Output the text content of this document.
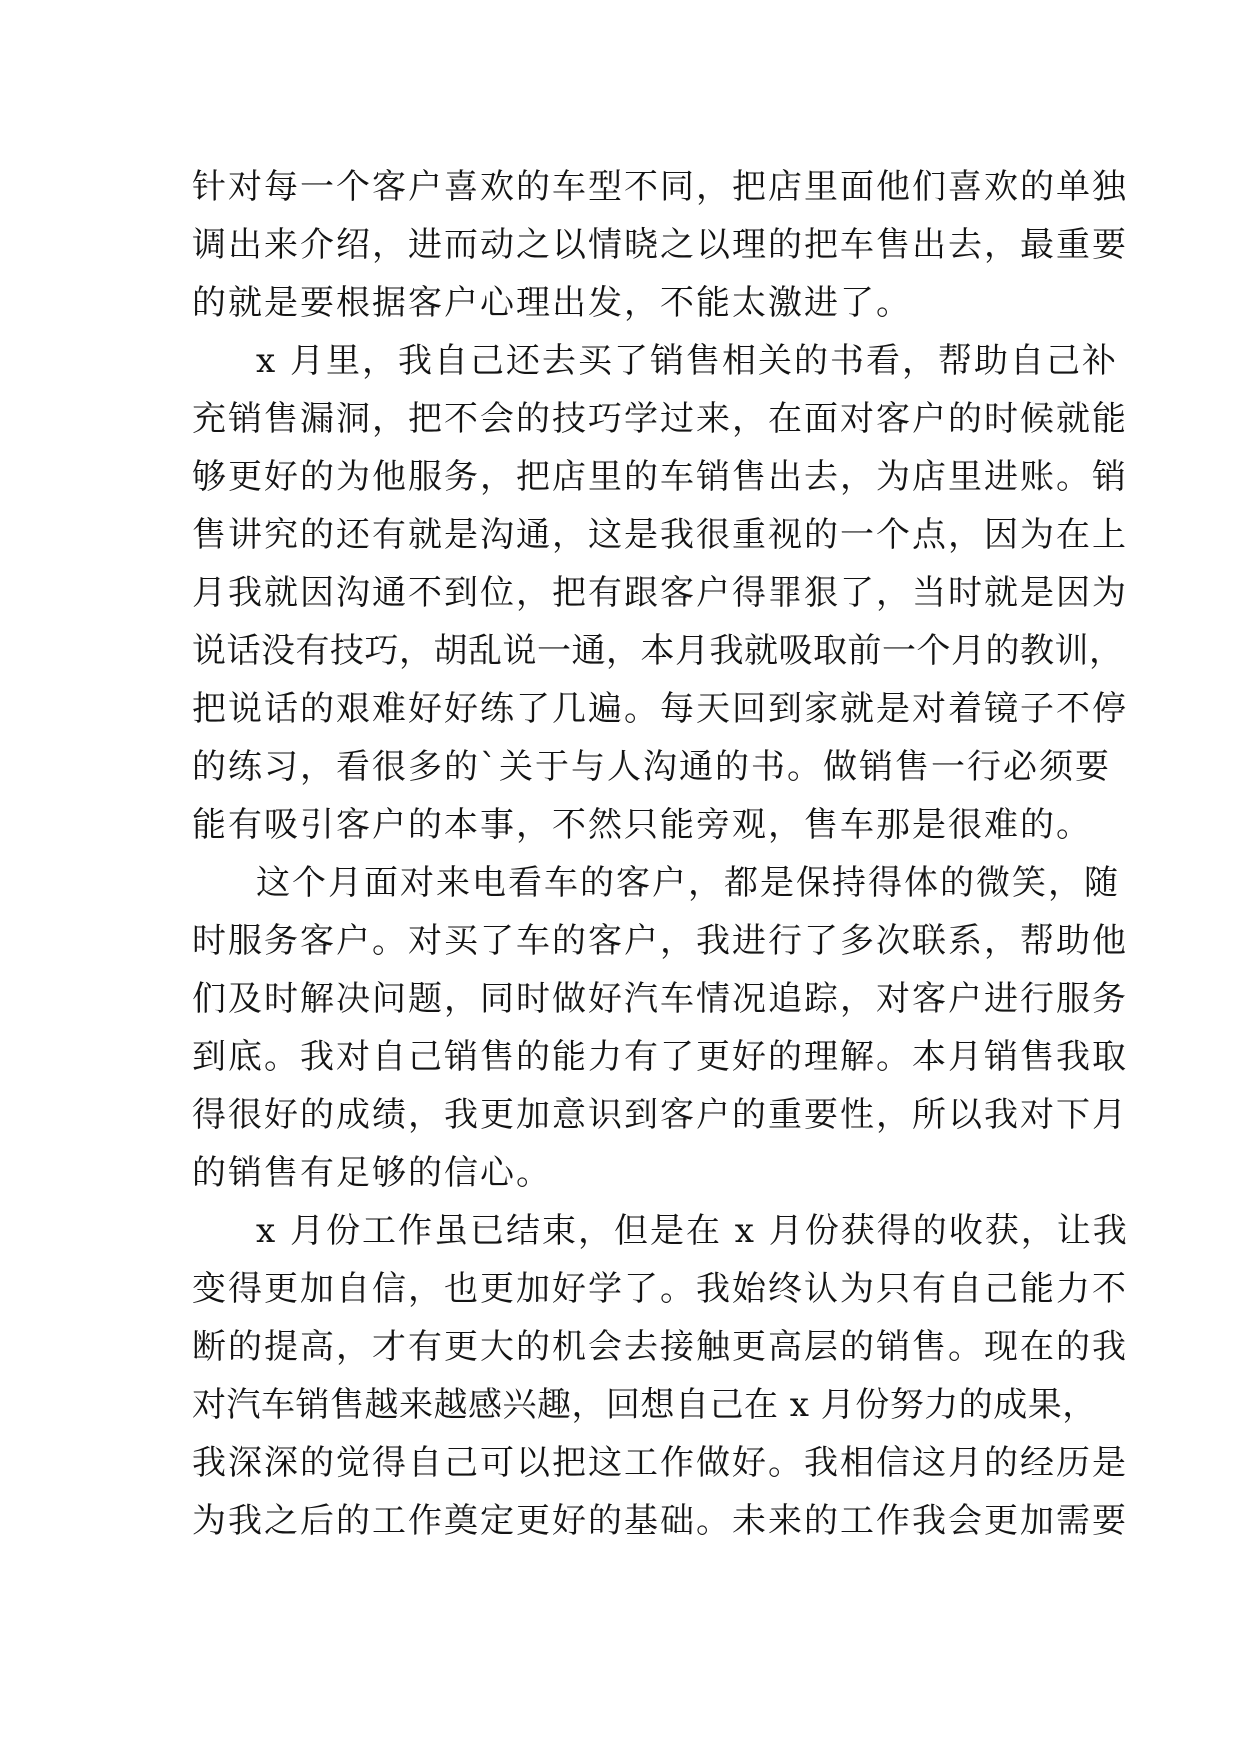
针对每一个客户喜欢的车型不同，把店里面他们喜欢的单独
调出来介绍，进而动之以情晓之以理的把车售出去，最重要
的就是要根据客户心理出发，不能太激进了。
x 月里，我自己还去买了销售相关的书看，帮助自己补
充销售漏洞，把不会的技巧学过来，在面对客户的时候就能
够更好的为他服务，把店里的车销售出去，为店里进账。销
售讲究的还有就是沟通，这是我很重视的一个点，因为在上
月我就因沟通不到位，把有跟客户得罪狠了，当时就是因为
说话没有技巧，胡乱说一通，本月我就吸取前一个月的教训，
把说话的艰难好好练了几遍。每天回到家就是对着镜子不停
的练习，看很多的`关于与人沟通的书。做销售一行必须要
能有吸引客户的本事，不然只能旁观，售车那是很难的。
这个月面对来电看车的客户，都是保持得体的微笑，随
时服务客户。对买了车的客户，我进行了多次联系，帮助他
们及时解决问题，同时做好汽车情况追踪，对客户进行服务
到底。我对自己销售的能力有了更好的理解。本月销售我取
得很好的成绩，我更加意识到客户的重要性，所以我对下月
的销售有足够的信心。
x 月份工作虽已结束，但是在 x 月份获得的收获，让我
变得更加自信，也更加好学了。我始终认为只有自己能力不
断的提高，才有更大的机会去接触更高层的销售。现在的我
对汽车销售越来越感兴趣，回想自己在 x 月份努力的成果，
我深深的觉得自己可以把这工作做好。我相信这月的经历是
为我之后的工作奠定更好的基础。未来的工作我会更加需要
